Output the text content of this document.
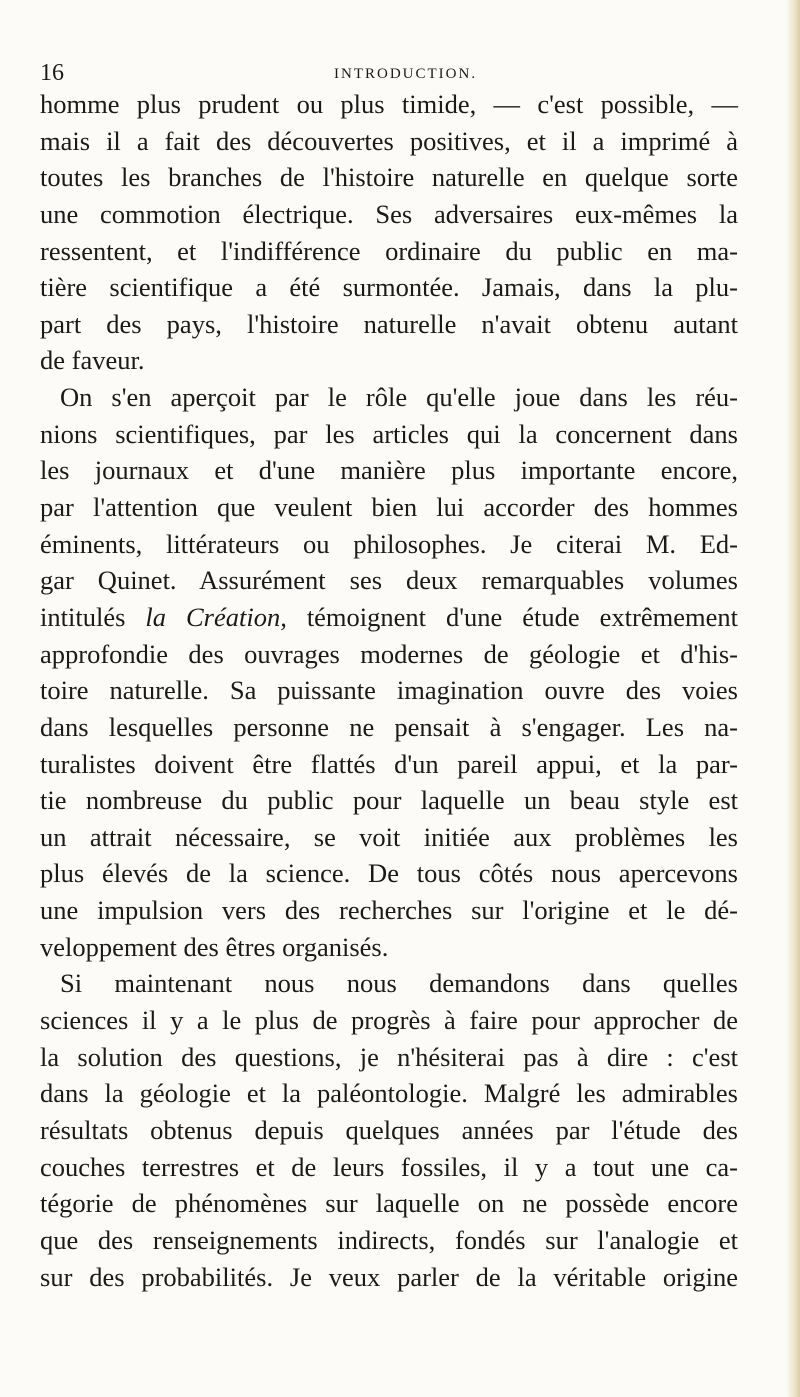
16	INTRODUCTION.
homme plus prudent ou plus timide, — c'est possible, —
mais il a fait des découvertes positives, et il a imprimé à
toutes les branches de l'histoire naturelle en quelque sorte
une commotion électrique. Ses adversaires eux-mêmes la
ressentent, et l'indifférence ordinaire du public en ma-
tière scientifique a été surmontée. Jamais, dans la plu-
part des pays, l'histoire naturelle n'avait obtenu autant
de faveur.
On s'en aperçoit par le rôle qu'elle joue dans les réu-
nions scientifiques, par les articles qui la concernent dans
les journaux et d'une manière plus importante encore,
par l'attention que veulent bien lui accorder des hommes
éminents, littérateurs ou philosophes. Je citerai M. Ed-
gar Quinet. Assurément ses deux remarquables volumes
intitulés la Création, témoignent d'une étude extrêmement
approfondie des ouvrages modernes de géologie et d'his-
toire naturelle. Sa puissante imagination ouvre des voies
dans lesquelles personne ne pensait à s'engager. Les na-
turalistes doivent être flattés d'un pareil appui, et la par-
tie nombreuse du public pour laquelle un beau style est
un attrait nécessaire, se voit initiée aux problèmes les
plus élevés de la science. De tous côtés nous apercevons
une impulsion vers des recherches sur l'origine et le dé-
veloppement des êtres organisés.
Si maintenant nous nous demandons dans quelles
sciences il y a le plus de progrès à faire pour approcher de
la solution des questions, je n'hésiterai pas à dire : c'est
dans la géologie et la paléontologie. Malgré les admirables
résultats obtenus depuis quelques années par l'étude des
couches terrestres et de leurs fossiles, il y a tout une ca-
tégorie de phénomènes sur laquelle on ne possède encore
que des renseignements indirects, fondés sur l'analogie et
sur des probabilités. Je veux parler de la véritable origine
